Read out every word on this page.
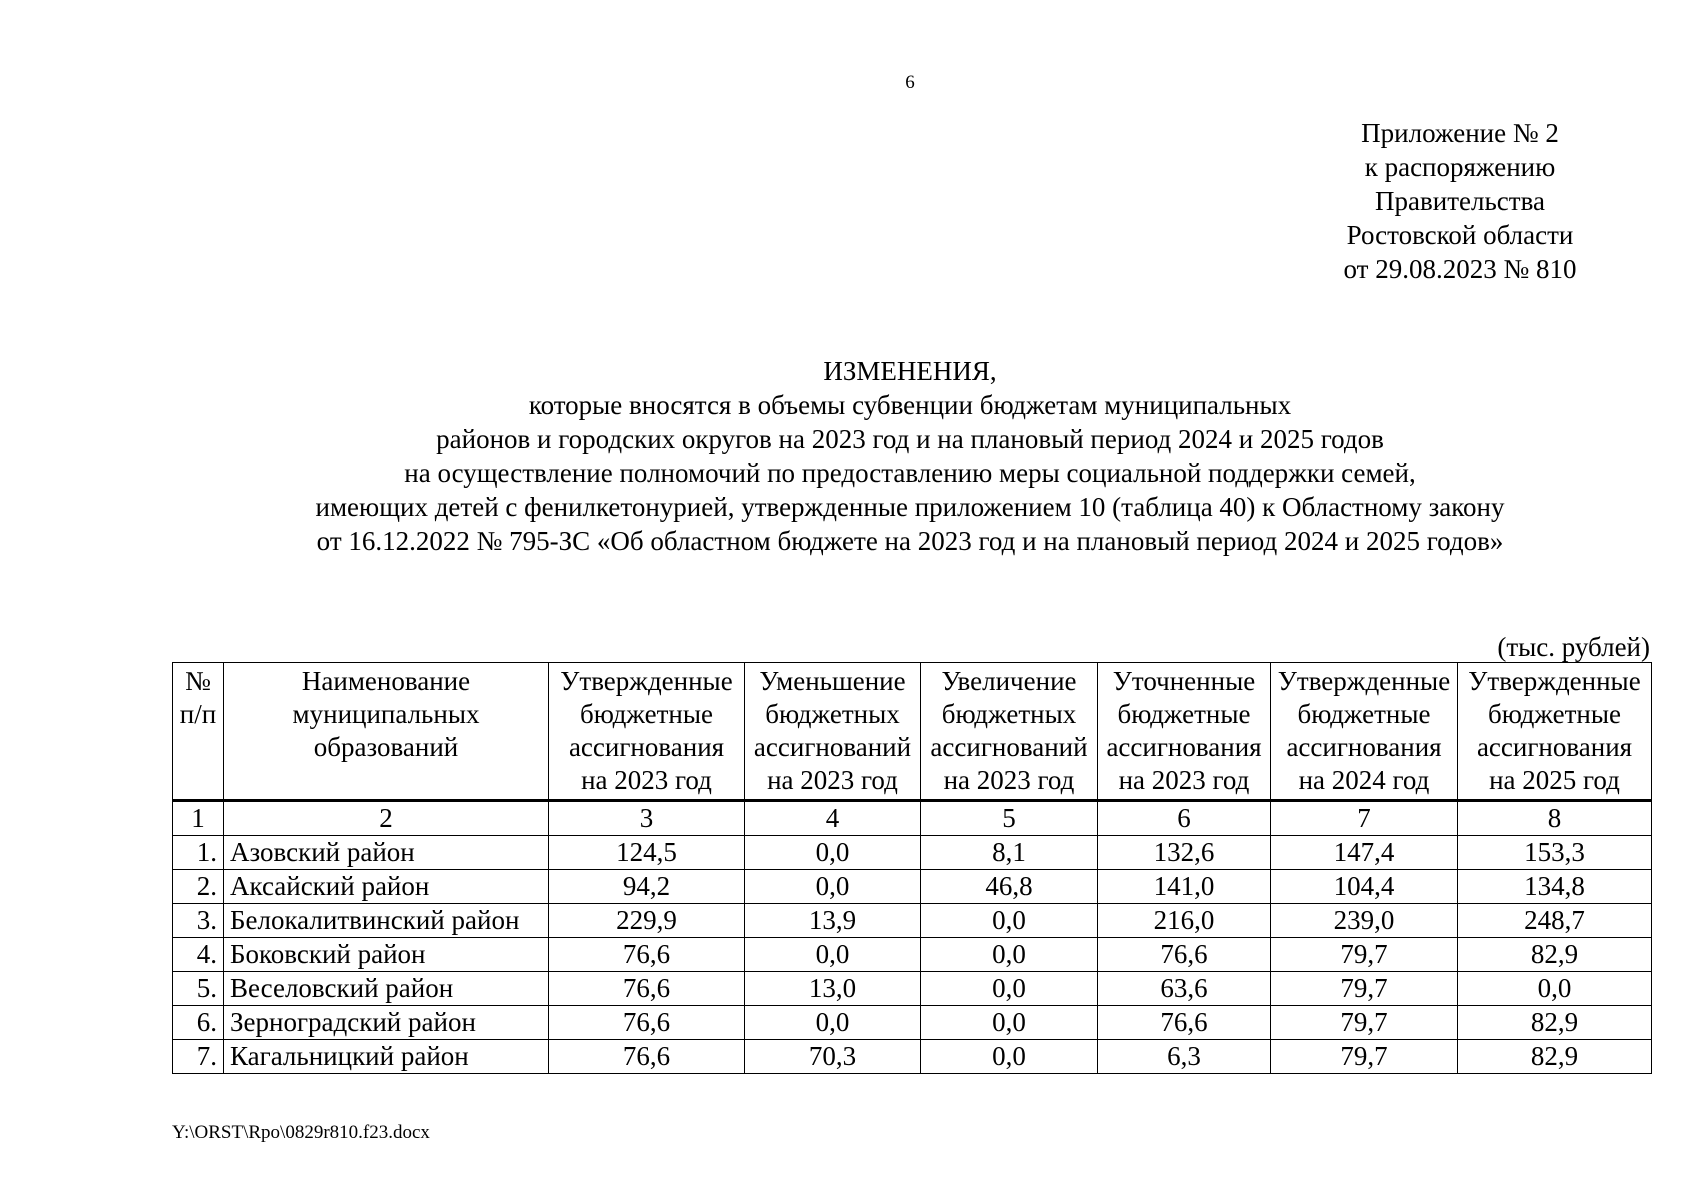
6
Приложение № 2
к распоряжению
Правительства
Ростовской области
от 29.08.2023 № 810
ИЗМЕНЕНИЯ,
которые вносятся в объемы субвенции бюджетам муниципальных
районов и городских округов на 2023 год и на плановый период 2024 и 2025 годов
на осуществление полномочий по предоставлению меры социальной поддержки семей,
имеющих детей с фенилкетонурией, утвержденные приложением 10 (таблица 40) к Областному закону
от 16.12.2022 № 795-ЗС «Об областном бюджете на 2023 год и на плановый период 2024 и 2025 годов»
(тыс. рублей)
№
п/п	Наименование
муниципальных
образований	Утвержденные
бюджетные
ассигнования
на 2023 год	Уменьшение
бюджетных
ассигнований
на 2023 год	Увеличение
бюджетных
ассигнований
на 2023 год	Уточненные
бюджетные
ассигнования
на 2023 год	Утвержденные
бюджетные
ассигнования
на 2024 год	Утвержденные
бюджетные
ассигнования
на 2025 год

1	2	3	4	5	6	7	8
1.	Азовский район	124,5	0,0	8,1	132,6	147,4	153,3
2.	Аксайский район	94,2	0,0	46,8	141,0	104,4	134,8
3.	Белокалитвинский район	229,9	13,9	0,0	216,0	239,0	248,7
4.	Боковский район	76,6	0,0	0,0	76,6	79,7	82,9
5.	Веселовский район	76,6	13,0	0,0	63,6	79,7	0,0
6.	Зерноградский район	76,6	0,0	0,0	76,6	79,7	82,9
7.	Кагальницкий район	76,6	70,3	0,0	6,3	79,7	82,9
Y:\ORST\Rpo\0829r810.f23.docx
